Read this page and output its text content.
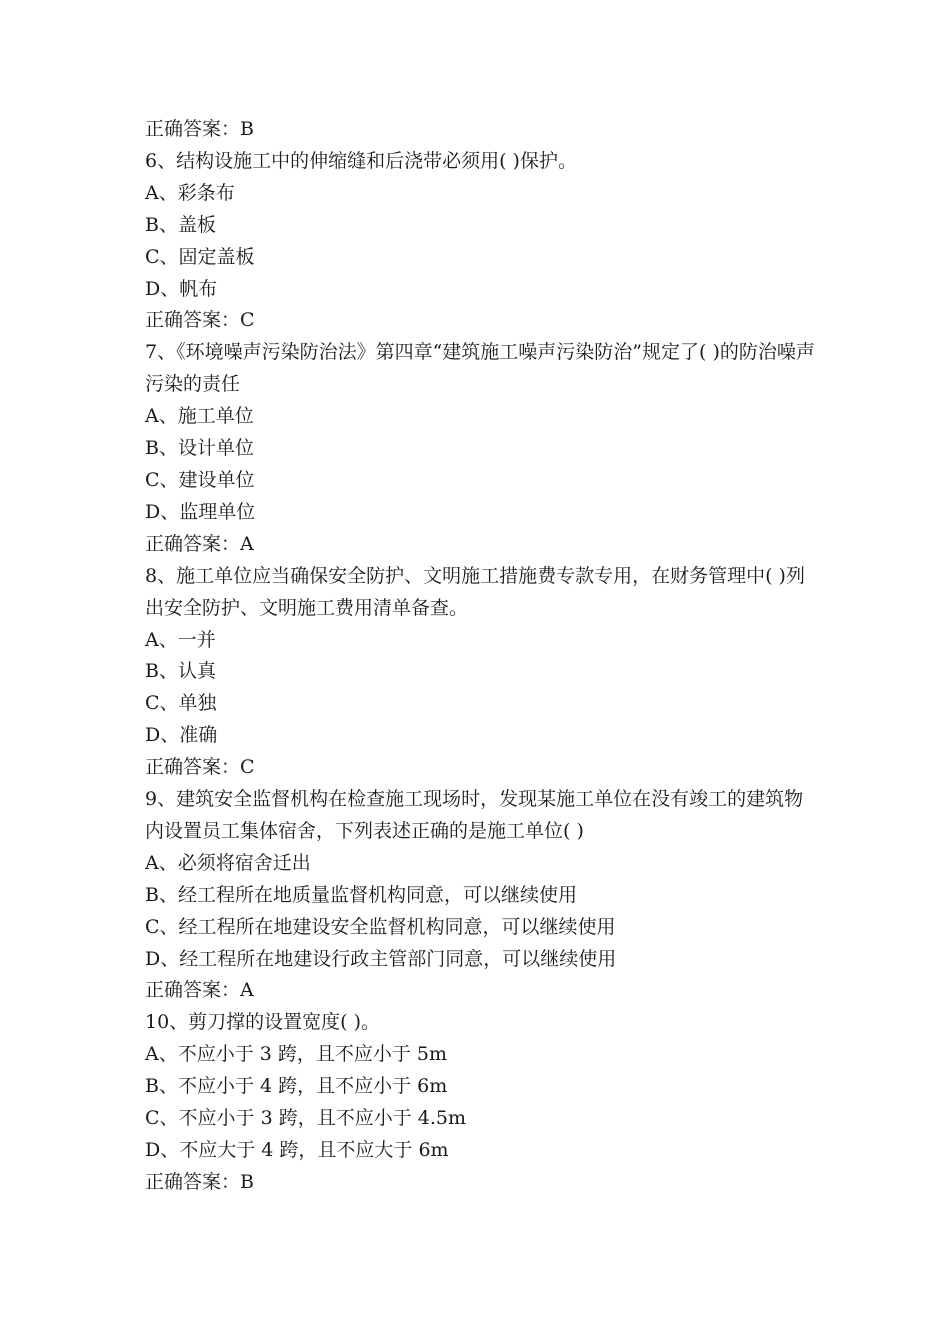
正确答案：B

6、结构设施工中的伸缩缝和后浇带必须用( )保护。

A、彩条布

B、盖板

C、固定盖板

D、帆布

正确答案：C

7、《环境噪声污染防治法》第四章“建筑施工噪声污染防治”规定了( )的防治噪声污染的责任

A、施工单位

B、设计单位

C、建设单位

D、监理单位

正确答案：A

8、施工单位应当确保安全防护、文明施工措施费专款专用，在财务管理中( )列出安全防护、文明施工费用清单备查。

A、一并

B、认真

C、单独

D、准确

正确答案：C

9、建筑安全监督机构在检查施工现场时，发现某施工单位在没有竣工的建筑物内设置员工集体宿舍，下列表述正确的是施工单位( )

A、必须将宿舍迁出

B、经工程所在地质量监督机构同意，可以继续使用

C、经工程所在地建设安全监督机构同意，可以继续使用

D、经工程所在地建设行政主管部门同意，可以继续使用

正确答案：A

10、剪刀撑的设置宽度( )。

A、不应小于 3 跨，且不应小于 5m

B、不应小于 4 跨，且不应小于 6m

C、不应小于 3 跨，且不应小于 4.5m

D、不应大于 4 跨，且不应大于 6m

正确答案：B
